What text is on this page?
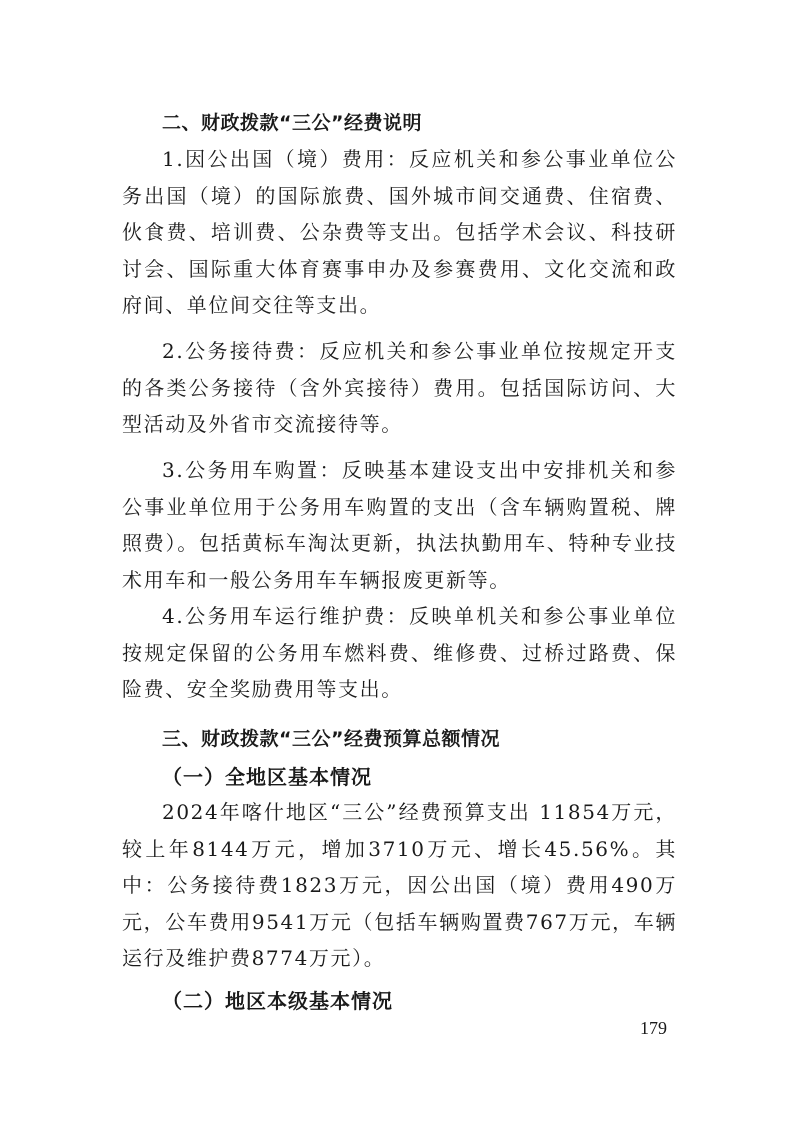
二、财政拨款“三公”经费说明

1.因公出国（境）费用：反应机关和参公事业单位公务出国（境）的国际旅费、国外城市间交通费、住宿费、伙食费、培训费、公杂费等支出。包括学术会议、科技研讨会、国际重大体育赛事申办及参赛费用、文化交流和政府间、单位间交往等支出。

2.公务接待费：反应机关和参公事业单位按规定开支的各类公务接待（含外宾接待）费用。包括国际访问、大型活动及外省市交流接待等。

3.公务用车购置：反映基本建设支出中安排机关和参公事业单位用于公务用车购置的支出（含车辆购置税、牌照费）。包括黄标车淘汰更新，执法执勤用车、特种专业技术用车和一般公务用车车辆报废更新等。

4.公务用车运行维护费：反映单机关和参公事业单位按规定保留的公务用车燃料费、维修费、过桥过路费、保险费、安全奖励费用等支出。

三、财政拨款“三公”经费预算总额情况
（一）全地区基本情况

2024年喀什地区“三公”经费预算支出 11854万元，较上年8144万元，增加3710万元、增长45.56%。其中：公务接待费1823万元，因公出国（境）费用490万元，公车费用9541万元（包括车辆购置费767万元，车辆运行及维护费8774万元）。

（二）地区本级基本情况
179
